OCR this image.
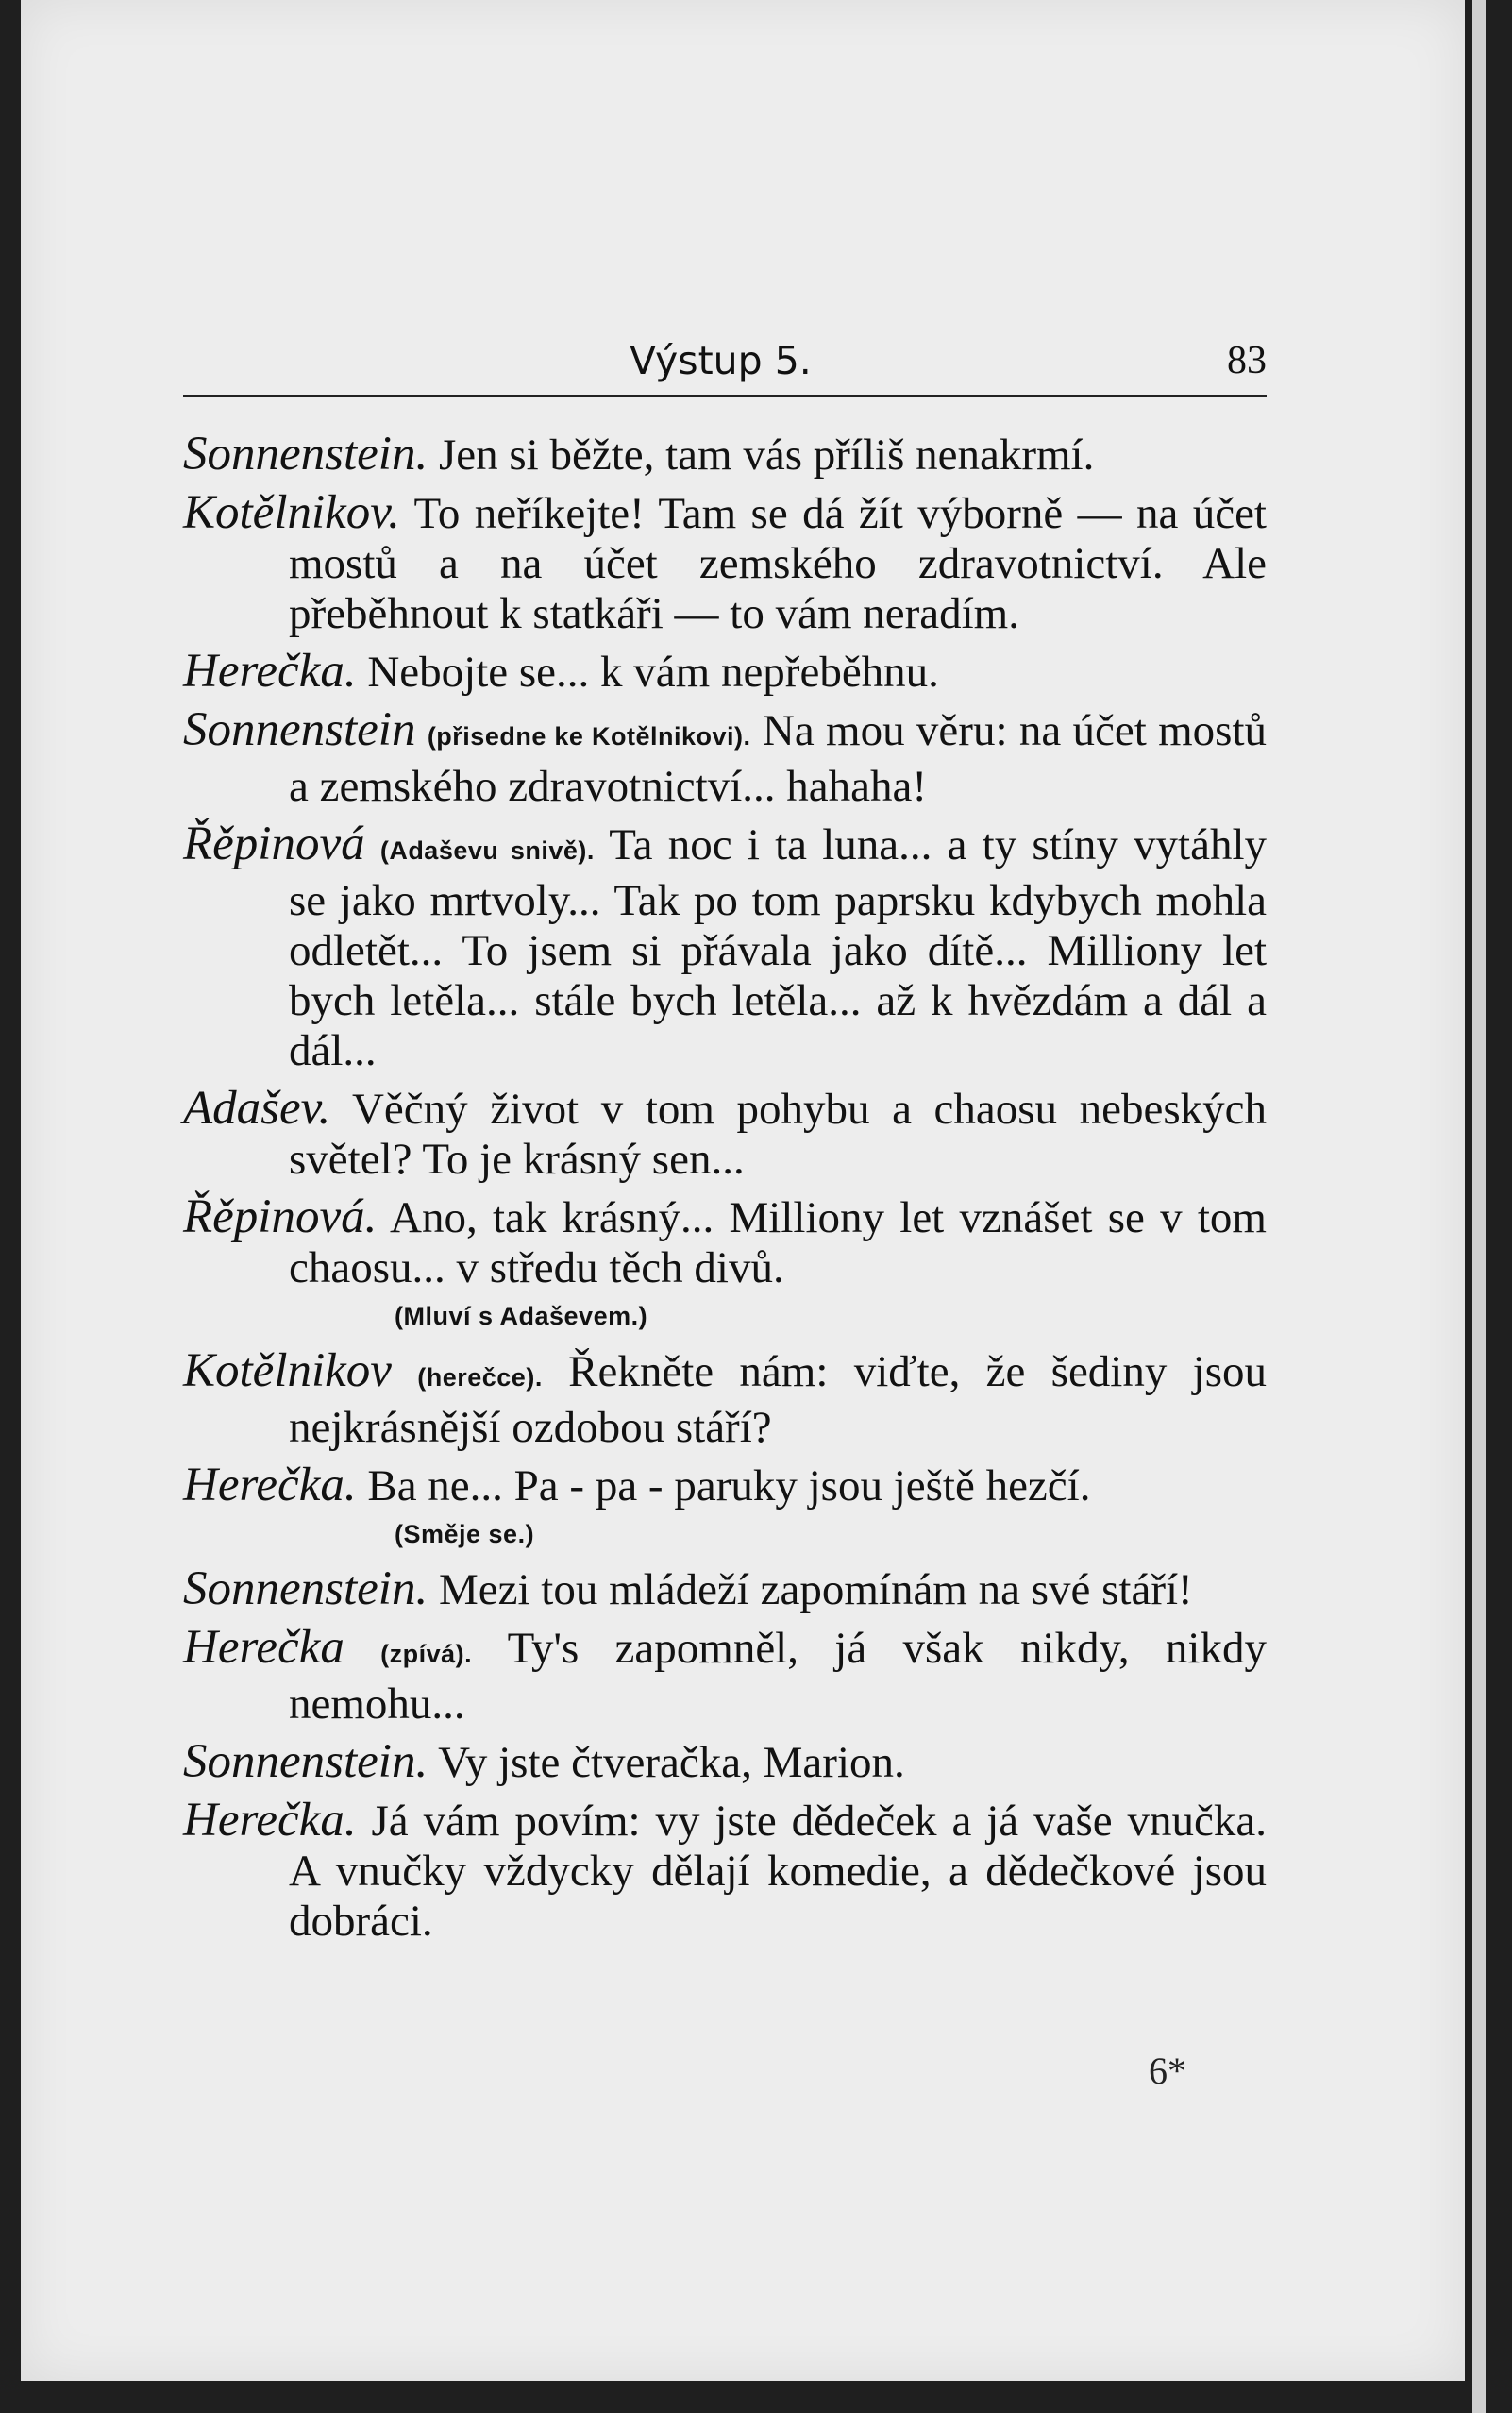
Výstup 5.	83

Sonnenstein. Jen si běžte, tam vás příliš nenakrmí.

Kotělnikov. To neříkejte! Tam se dá žít výborně — na účet mostů a na účet zemského zdravotnictví. Ale přeběhnout k statkáři — to vám neradím.

Herečka. Nebojte se... k vám nepřeběhnu.

Sonnenstein (přisedne ke Kotělnikovi). Na mou věru: na účet mostů a zemského zdravotnictví... hahaha!

Řěpinová (Adaševu snivě). Ta noc i ta luna... a ty stíny vytáhly se jako mrtvoly... Tak po tom paprsku kdybych mohla odletět... To jsem si přávala jako dítě... Milliony let bych letěla... stále bych letěla... až k hvězdám a dál a dál...

Adašev. Věčný život v tom pohybu a chaosu nebeských světel? To je krásný sen...

Řěpinová. Ano, tak krásný... Milliony let vznášet se v tom chaosu... v středu těch divů.
(Mluví s Adaševem.)

Kotělnikov (herečce). Řekněte nám: viďte, že šediny jsou nejkrásnější ozdobou stáří?

Herečka. Ba ne... Pa - pa - paruky jsou ještě hezčí.
(Směje se.)

Sonnenstein. Mezi tou mládeží zapomínám na své stáří!

Herečka (zpívá). Ty's zapomněl, já však nikdy, nikdy nemohu...

Sonnenstein. Vy jste čtveračka, Marion.

Herečka. Já vám povím: vy jste dědeček a já vaše vnučka. A vnučky vždycky dělají komedie, a dědečkové jsou dobráci.

6*
